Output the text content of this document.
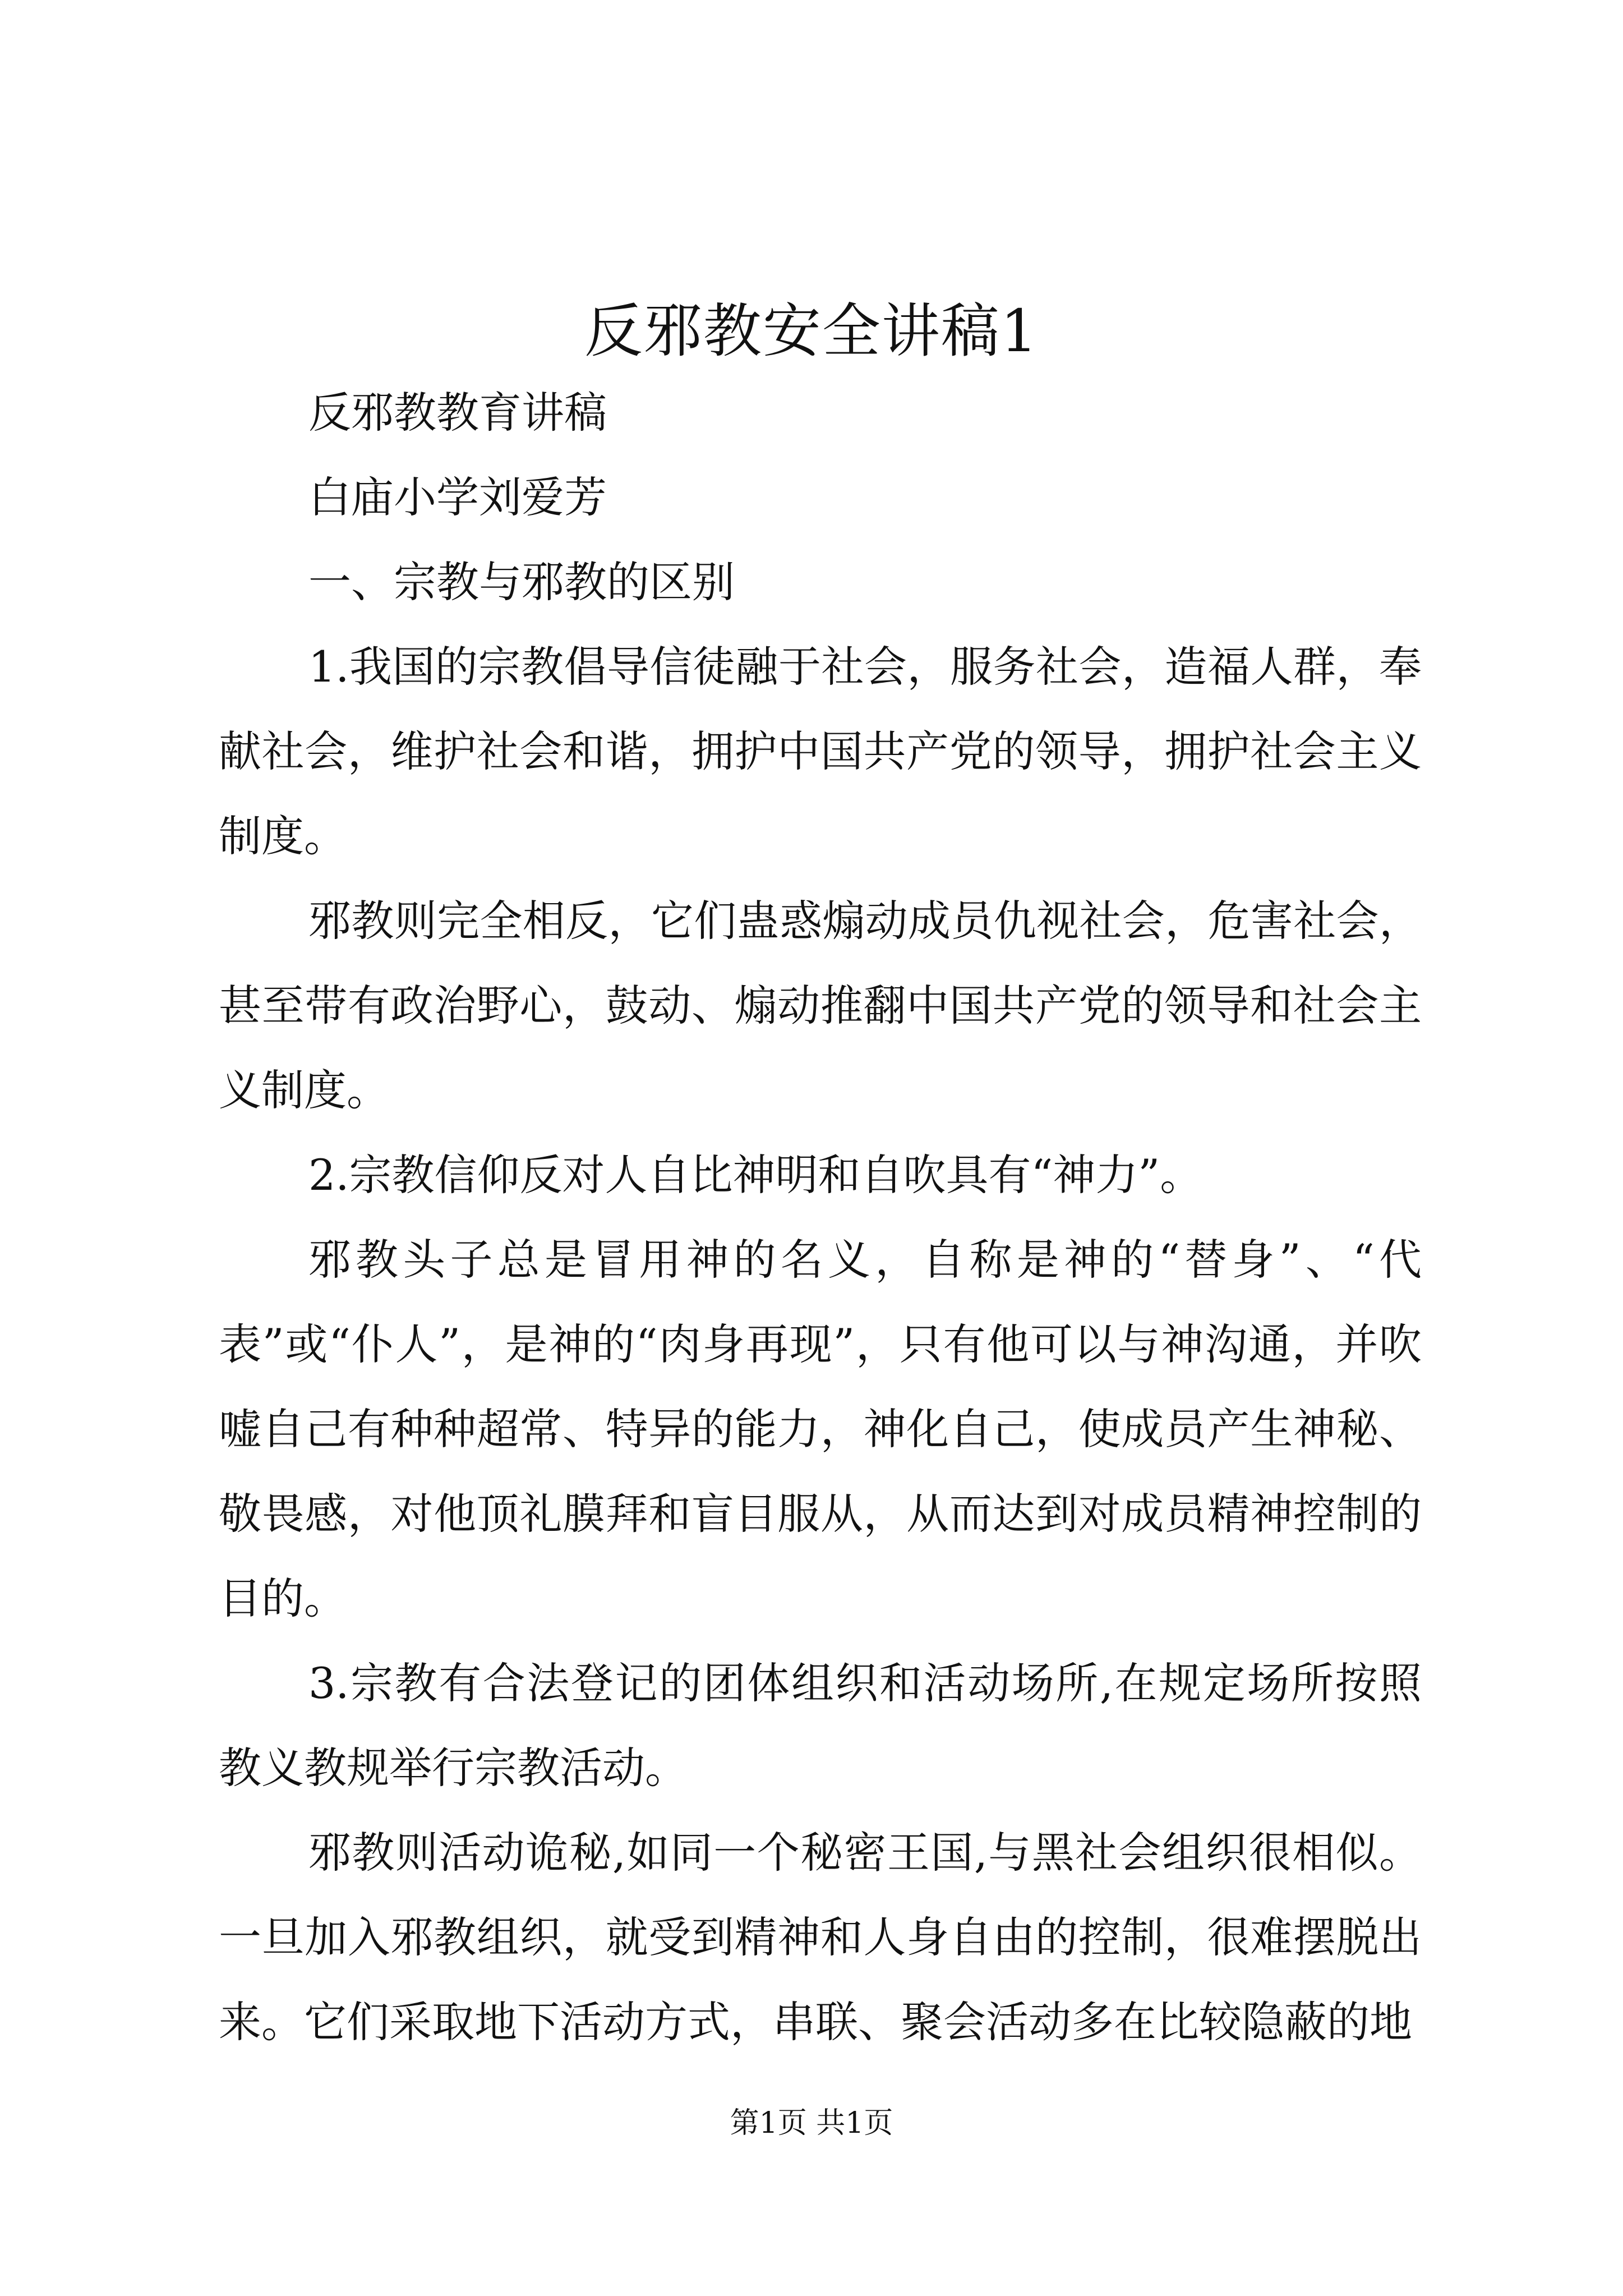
反邪教安全讲稿1

反邪教教育讲稿

白庙小学刘爱芳

一、宗教与邪教的区别

1.我国的宗教倡导信徒融于社会，服务社会，造福人群，奉献社会，维护社会和谐，拥护中国共产党的领导，拥护社会主义制度。

邪教则完全相反，它们蛊惑煽动成员仇视社会，危害社会，甚至带有政治野心，鼓动、煽动推翻中国共产党的领导和社会主义制度。

2.宗教信仰反对人自比神明和自吹具有“神力”。

邪教头子总是冒用神的名义，自称是神的“替身”、“代表”或“仆人”，是神的“肉身再现”，只有他可以与神沟通，并吹嘘自己有种种超常、特异的能力，神化自己，使成员产生神秘、敬畏感，对他顶礼膜拜和盲目服从，从而达到对成员精神控制的目的。

3.宗教有合法登记的团体组织和活动场所,在规定场所按照教义教规举行宗教活动。

邪教则活动诡秘,如同一个秘密王国,与黑社会组织很相似。一旦加入邪教组织，就受到精神和人身自由的控制，很难摆脱出来。它们采取地下活动方式，串联、聚会活动多在比较隐蔽的地

第1页 共1页
